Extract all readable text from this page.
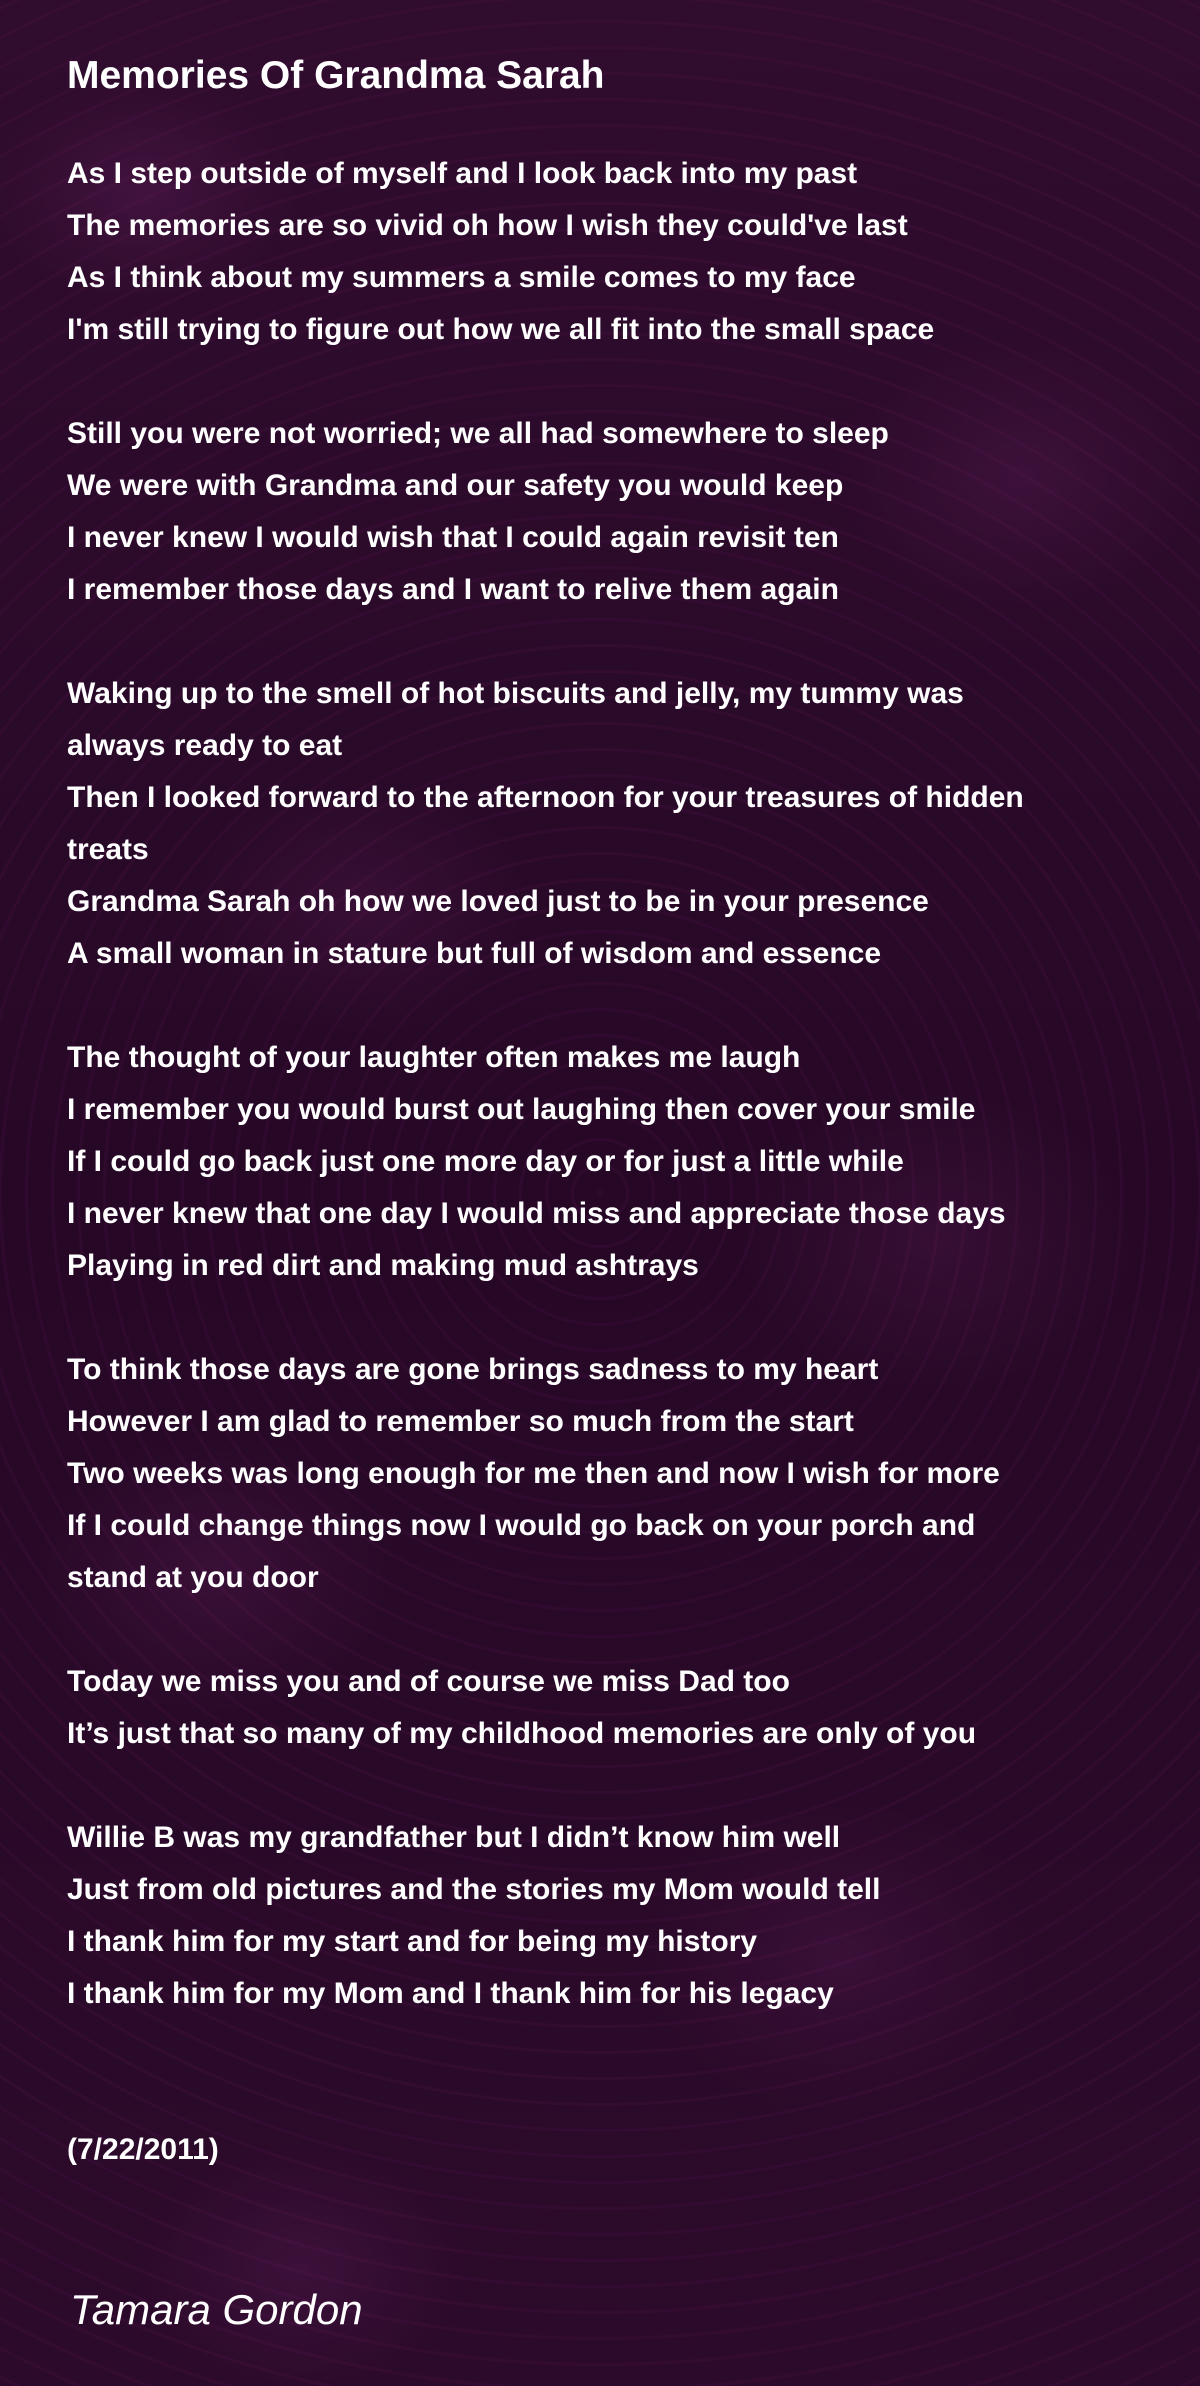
Memories Of Grandma Sarah
As I step outside of myself and I look back into my past
The memories are so vivid oh how I wish they could've last
As I think about my summers a smile comes to my face
I'm still trying to figure out how we all fit into the small space
Still you were not worried; we all had somewhere to sleep
We were with Grandma and our safety you would keep
I never knew I would wish that I could again revisit ten
I remember those days and I want to relive them again
Waking up to the smell of hot biscuits and jelly, my tummy was
always ready to eat
Then I looked forward to the afternoon for your treasures of hidden
treats
Grandma Sarah oh how we loved just to be in your presence
A small woman in stature but full of wisdom and essence
The thought of your laughter often makes me laugh
I remember you would burst out laughing then cover your smile
If I could go back just one more day or for just a little while
I never knew that one day I would miss and appreciate those days
Playing in red dirt and making mud ashtrays
To think those days are gone brings sadness to my heart
However I am glad to remember so much from the start
Two weeks was long enough for me then and now I wish for more
If I could change things now I would go back on your porch and
stand at you door
Today we miss you and of course we miss Dad too
It’s just that so many of my childhood memories are only of you
Willie B was my grandfather but I didn’t know him well
Just from old pictures and the stories my Mom would tell
I thank him for my start and for being my history
I thank him for my Mom and I thank him for his legacy
(7/22/2011)
Tamara Gordon
